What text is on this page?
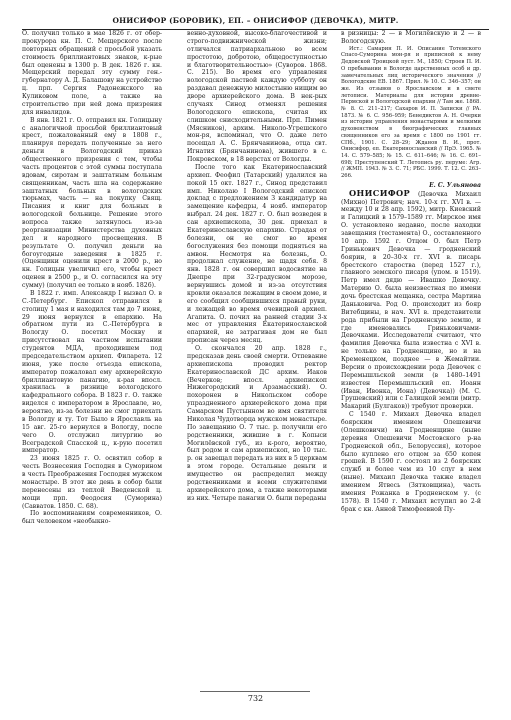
ОНИСИФОР (БОРОВИК), ЕП. – ОНИСИФОР (ДЕВОЧКА), МИТР.

О. получил только в мае 1826 г. от обер-прокурора кн. П. С. Мещерского после повторных обращений с просьбой указать стоимость бриллиантовых знаков, к-рые был оценены в 1300 р. В дек. 1826 г. кн. Мещерский передал эту сумму ген.-губернатору А. Д. Балашову на устройство ц. прп. Сергия Радонежского на Куликовом поле, а также на строительство при ней дома призрения для инвалидов.

В янв. 1821 г. О. отправил кн. Голицыну с аналогичной просьбой бриллиантовый крест, пожалованный ему в 1808 г., планируя передать полученные за него деньги в Вологодский приказ общественного призрения с тем, чтобы часть процентов с этой суммы поступала вдовам, сиротам и заштатным больным священникам, часть шла на содержание заштатных больных в вологодских тюрьмах, часть — на покупку Свящ. Писания и книг для больных в вологодской больнице. Решение этого вопроса также затянулось из-за реорганизации Министерства духовных дел и народного просвещения. В результате О. получил деньги на богоугодные заведения в 1825 г. (Оценщики оценили крест в 2000 р., но кн. Голицын увеличил его, чтобы крест оценен в 2500 р., и О. согласился на эту сумму) (получил ее только в нояб. 1826).

В 1822 г. имп. Александр I вызвал О. в С.-Петербург. Епископ отправился в столицу 1 мая и находился там до 7 июня, 29 июня вернулся в епархию. На обратном пути из С.-Петербурга в Вологду О. посетил Москву и присутствовал на частном испытании студентов МДА, проходившем под председательством архиеп. Филарета. 12 июня, уже после отъезда епископа, император пожаловал ему архиерейскую бриллиантовую панагию, к-рая впосл. хранилась в ризнице вологодского кафедрального собора. В 1823 г. О. также виделся с императором в Ярославле, но, вероятно, из-за болезни не смог приехать в Вологду и ту. Тот Было в Ярославль на 15 авг. 25-го вернулся в Вологду, после чего О. отслужил литургию во Всеградской Спасской ц., к-рую посетил император.

23 июня 1825 г. О. освятил собор в честь Вознесения Господня в Суморином в честь Преображения Господня мужском монастыре. В этот же день в собор были перенесены из теплой Введенской ц. мощи прп. Феодосия (Суморина) (Савватов. 1850. С. 68).

По воспоминаниям современников, О. был человеком «необыкно-

венно-духовной, высоко-благочестивой и строго-подвижнической жизни; отличался патриархальною во всем простотою, добротою, общедоступностью и благотворительностью» (Суворов. 1868. С. 215). Во время его управления вологодской паствой каждую субботу он раздавал денежную милостыню нищим во дворе архиерейского дома. В нек-рых случаях Синод отменял решения Вологодского епископа, считая их слишком снисходительными. Прп. Пимен (Мясников), архим. Николо-Угрешского мон-ря, вспоминал, что О. даже лето посещал А. С. Брянчанинова, отца свт. Игнатия (Брянчанинова), жившего в с. Покровском, в 18 верстах от Вологды.

После того как Екатеринославский архиеп. Феофил (Татарский) удалился на покой 15 окт. 1827 г., Синод представил имп. Николаю I Вологодский епископ доклад с предложением 3 кандидатур на замещение кафедры, 4 нояб. император выбрал. 24 дек. 1827 г. О. был возведен в сан архиепископа, 30 дек. приехал в Екатеринославскую епархию. Страдая от болезни, он не смог во время богослужения без помощи подняться на амвон. Несмотря на болезнь, О. продолжал служение, не щадя себя. 8 янв. 1828 г. он совершил водосвятие на Днепре при 32-градусном морозе, вернувшись домой и из-за отсутствия кровли оказался лежащим в своем доме, и его сообщил сообщившихся правый руки, и лежащей во время очевидной архиеп. Агапита. О. почил на ранней стадии 3-х мес от управления Екатеринославской епархией, не затрагивая дом не был прописан через месяц.

О. скончался 20 апр. 1828 г., предсказав день своей смерти. Отпевание архиепископа проводил ректор Екатеринославской ДС архим. Иаков (Вечерков; впосл. архиепископ Нижегородский и Арзамасский). О. похоронен в Никольском соборе упраздненного архиерейского дома при Самарском Пустынном во имя святителя Николая Чудотворца мужском монастыре. По завещанию О. 7 тыс. р. получили его родственники, жившие в г. Копыси Могилёвской губ., из к-рого, вероятно, был родом и сам архиепископ, но 10 тыс. р. он завещал передать из них в 5 церквам в этом городе. Остальные деньги и имущество он распределил между родственниками и всеми служителями архиерейского дома, а также некоторыми из них. Четыре панагии О. были переданы

в ризницы: 2 — в Могилёвскую и 2 — в Вологодскую.

Ист.: Самарин П. И. Описание Тотемского Спасо-Суморина мон-ря и приписной к нему Дедовской Троицкой пуст. М., 1850; Строев П. И. О пребывании в Вологде царственных особ и др. замечательных лиц исторического значения // Вологодские ЕВ. 1867. Прил. № 10. С. 346–357; он же. Из отзывов о Ярославском и в смете летописи. Материалы для истории древне-Пермской и Вологодской епархии // Там же. 1868. № 8. С. 211–217; Сахаров И. П. Записки // PA. 1873. № 6. С. 956–959; Бенедиктов А. Н. Очерки из истории управления монастырями и мелкими духовенством в биографических главных священников его за время с 1800 по 1901 гг. СПб., 1901. С. 28–29; Жданов В. И., прот. Онисифор, еп. Екатеринославский // ПрЭ. 1965. № 14. С. 579–585; № 15. С. 611–646; № 16. С. 691–698; Преступенский Т. Летопись ру. перуме: Агр. // ЖМП. 1943. № 3. С. 71; РБС. 1999. Т. 12. С. 263–266.

Е. С. Ульянова

ОНИСИФОР (Девочка Михаил (Михно) Петрович; нач. 10-х гг. XVI в. — между 10 и 28 апр. 1592), митр. Киевский и Галицкий в 1579–1589 гг. Мирское имя О. установлено недавно, после находки завещания (тестамента) О., составленного 10 апр. 1592 г. Отцом О. был Петр Гринькович Девочка — гродненский боярин, в 20–30-х гг. XVI в. писарь брестского староства (перед 1527 г.), главного земского писаря (упом. в 1519). Петр имел дядю — Ивашко Девочку. Материю О. была неизвестная по имени дочь брестская мещанка, сестра Мартина Даньковича. Род О. происходит из бояр Витебщины, в нач. XVI в. представители рода прибыли на Гродненскую землю, и где именовались Гриньковичами-Девочками. Исследователи считают, что фамилия Девочка была известна с XVI в. не только на Гродненщине, но и на Кременецком, позднее — в Жемайтии. Версии о происхождении рода Девочек с Перемышльской земли (в 1480–1491 известен Перемышльский еп. Иоанн (Иван, Ивонка, Иона) (Девочка)) (М. С. Грушевский) или с Галицкой земли (митр. Макарий (Булгаков)) требуют проверки.

С 1540 г. Михаил Девочка владел боярским имением Олешевичи (Олешковичи) на Гродненщине (ныне деревня Олешевичи Мостовского р-на Гродненской обл., Белоруссия), которое было куплено его отцом за 650 копен грошей. В 1590 г. состоял из 2 боярских служб и более чем из 10 слуг в нем (ныне). Михаил Девочка также владел имением Ятвесь (Зятковщина), часть имения Рожанка в Гродненском у. (с 1578). В 1540 г. Михаил вступил во 2-й брак с кн. Анной Тимофеевной Пу-

732
